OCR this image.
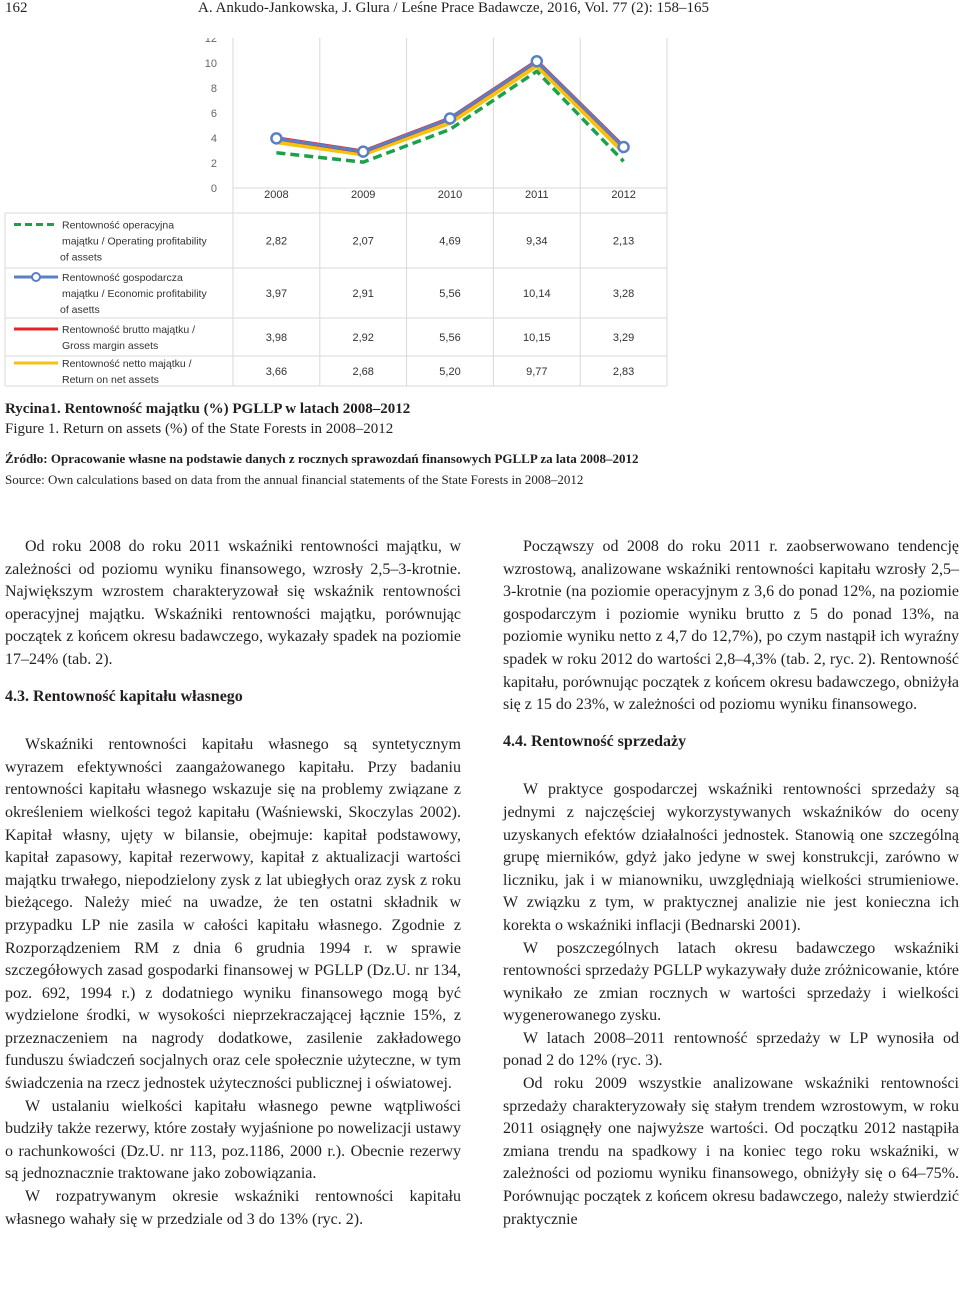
162	A. Ankudo-Jankowska, J. Glura / Leśne Prace Badawcze, 2016, Vol. 77 (2): 158–165
12
10
8
6
4
2
0	2008	2009	2010	2011	2012
Rentowność operacyjna
majątku / Operating profitability
of assets
2,82	2,07	4,69	9,34	2,13
Rentowność gospodarcza
majątku / Economic profitability
of asetts
3,97	2,91	5,56	10,14	3,28
Rentowność brutto majątku /
Gross margin assets
3,98	2,92	5,56	10,15	3,29
Rentowność netto majątku /
Return on net assets
3,66	2,68	5,20	9,77	2,83
Rycina1. Rentowność majątku (%) PGLLP w latach 2008‒2012
Figure 1. Return on assets (%) of the State Forests in 2008–2012
Źródło: Opracowanie własne na podstawie danych z rocznych sprawozdań finansowych PGLLP za lata 2008–2012
Source: Own calculations based on data from the annual financial statements of the State Forests in 2008–2012

Od roku 2008 do roku 2011 wskaźniki rentowności majątku, w zależności od poziomu wyniku finansowego, wzrosły 2,5‒3-krotnie. Największym wzrostem charakteryzował się wskaźnik rentowności operacyjnej majątku. Wskaźniki rentowności majątku, porównując początek z końcem okresu badawczego, wykazały spadek na poziomie 17‒24% (tab. 2).

4.3. Rentowność kapitału własnego

Wskaźniki rentowności kapitału własnego są syntetycznym wyrazem efektywności zaangażowanego kapitału. Przy badaniu rentowności kapitału własnego wskazuje się na problemy związane z określeniem wielkości tegoż kapitału (Waśniewski, Skoczylas 2002). Kapitał własny, ujęty w bilansie, obejmuje: kapitał podstawowy, kapitał zapasowy, kapitał rezerwowy, kapitał z aktualizacji wartości majątku trwałego, niepodzielony zysk z lat ubiegłych oraz zysk z roku bieżącego. Należy mieć na uwadze, że ten ostatni składnik w przypadku LP nie zasila w całości kapitału własnego. Zgodnie z Rozporządzeniem RM z dnia 6 grudnia 1994 r. w sprawie szczegółowych zasad gospodarki finansowej w PGLLP (Dz.U. nr 134, poz. 692, 1994 r.) z dodatniego wyniku finansowego mogą być wydzielone środki, w wysokości nieprzekraczającej łącznie 15%, z przeznaczeniem na nagrody dodatkowe, zasilenie zakładowego funduszu świadczeń socjalnych oraz cele społecznie użyteczne, w tym świadczenia na rzecz jednostek użyteczności publicznej i oświatowej.

W ustalaniu wielkości kapitału własnego pewne wątpliwości budziły także rezerwy, które zostały wyjaśnione po nowelizacji ustawy o rachunkowości (Dz.U. nr 113, poz.1186, 2000 r.). Obecnie rezerwy są jednoznacznie traktowane jako zobowiązania.

W rozpatrywanym okresie wskaźniki rentowności kapitału własnego wahały się w przedziale od 3 do 13% (ryc. 2).

Począwszy od 2008 do roku 2011 r. zaobserwowano tendencję wzrostową, analizowane wskaźniki rentowności kapitału wzrosły 2,5‒3-krotnie (na poziomie operacyjnym z 3,6 do ponad 12%, na poziomie gospodarczym i poziomie wyniku brutto z 5 do ponad 13%, na poziomie wyniku netto z 4,7 do 12,7%), po czym nastąpił ich wyraźny spadek w roku 2012 do wartości 2,8‒4,3% (tab. 2, ryc. 2). Rentowność kapitału, porównując początek z końcem okresu badawczego, obniżyła się z 15 do 23%, w zależności od poziomu wyniku finansowego.

4.4. Rentowność sprzedaży

W praktyce gospodarczej wskaźniki rentowności sprzedaży są jednymi z najczęściej wykorzystywanych wskaźników do oceny uzyskanych efektów działalności jednostek. Stanowią one szczególną grupę mierników, gdyż jako jedyne w swej konstrukcji, zarówno w liczniku, jak i w mianowniku, uwzględniają wielkości strumieniowe. W związku z tym, w praktycznej analizie nie jest konieczna ich korekta o wskaźniki inflacji (Bednarski 2001).

W poszczególnych latach okresu badawczego wskaźniki rentowności sprzedaży PGLLP wykazywały duże zróżnicowanie, które wynikało ze zmian rocznych w wartości sprzedaży i wielkości wygenerowanego zysku.

W latach 2008–2011 rentowność sprzedaży w LP wynosiła od ponad 2 do 12% (ryc. 3).

Od roku 2009 wszystkie analizowane wskaźniki rentowności sprzedaży charakteryzowały się stałym trendem wzrostowym, w roku 2011 osiągnęły one najwyższe wartości. Od początku 2012 nastąpiła zmiana trendu na spadkowy i na koniec tego roku wskaźniki, w zależności od poziomu wyniku finansowego, obniżyły się o 64–75%. Porównując początek z końcem okresu badawczego, należy stwierdzić praktycznie
